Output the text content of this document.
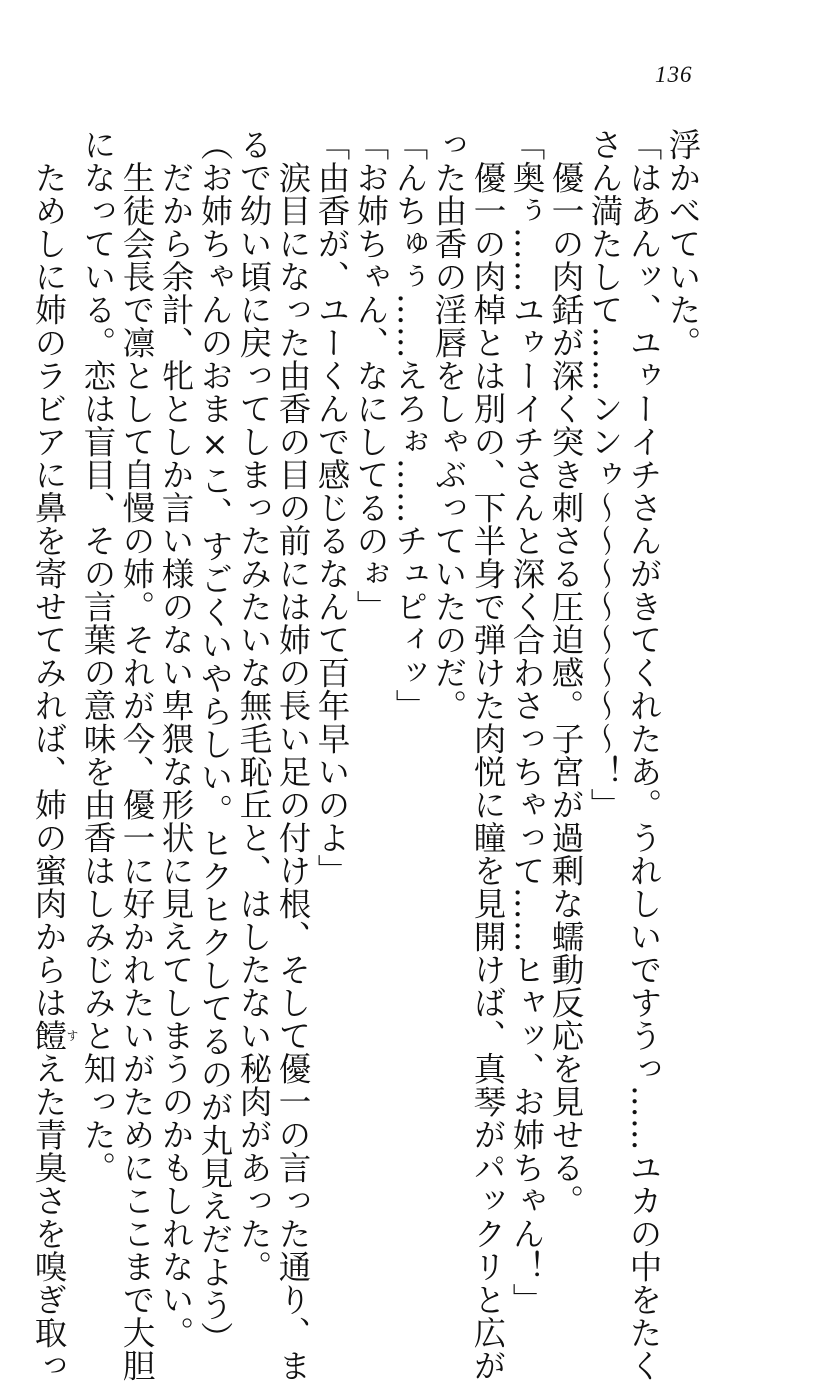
136

浮かべていた。

「はあんッ、ユゥーイチさんがきてくれたあ。うれしいですうっ……ユカの中をたく

さん満たして……ンンゥ～～～～～～～～！」

　優一の肉銛が深く突き刺さる圧迫感。子宮が過剰な蠕動反応を見せる。

「奥ぅ……ユゥーイチさんと深く合わさっちゃって……ヒャッ、お姉ちゃん！」

　優一の肉棹とは別の、下半身で弾けた肉悦に瞳を見開けば、真琴がパックリと広が

った由香の淫唇をしゃぶっていたのだ。

「んちゅぅ……えろぉ……チュピィッ」

「お姉ちゃん、なにしてるのぉ」

「由香が、ユーくんで感じるなんて百年早いのよ」

　涙目になった由香の目の前には姉の長い足の付け根、そして優一の言った通り、ま

るで幼い頃に戻ってしまったみたいな無毛恥丘と、はしたない秘肉があった。

（お姉ちゃんのおま×こ、すごくいやらしい。ヒクヒクしてるのが丸見えだよう）

　だから余計、牝としか言い様のない卑猥な形状に見えてしまうのかもしれない。

　生徒会長で凛として自慢の姉。それが今、優一に好かれたいがためにここまで大胆

になっている。恋は盲目、その言葉の意味を由香はしみじみと知った。

　ためしに姉のラビアに鼻を寄せてみれば、姉の蜜肉からは饐すえた青臭さを嗅ぎ取っ
